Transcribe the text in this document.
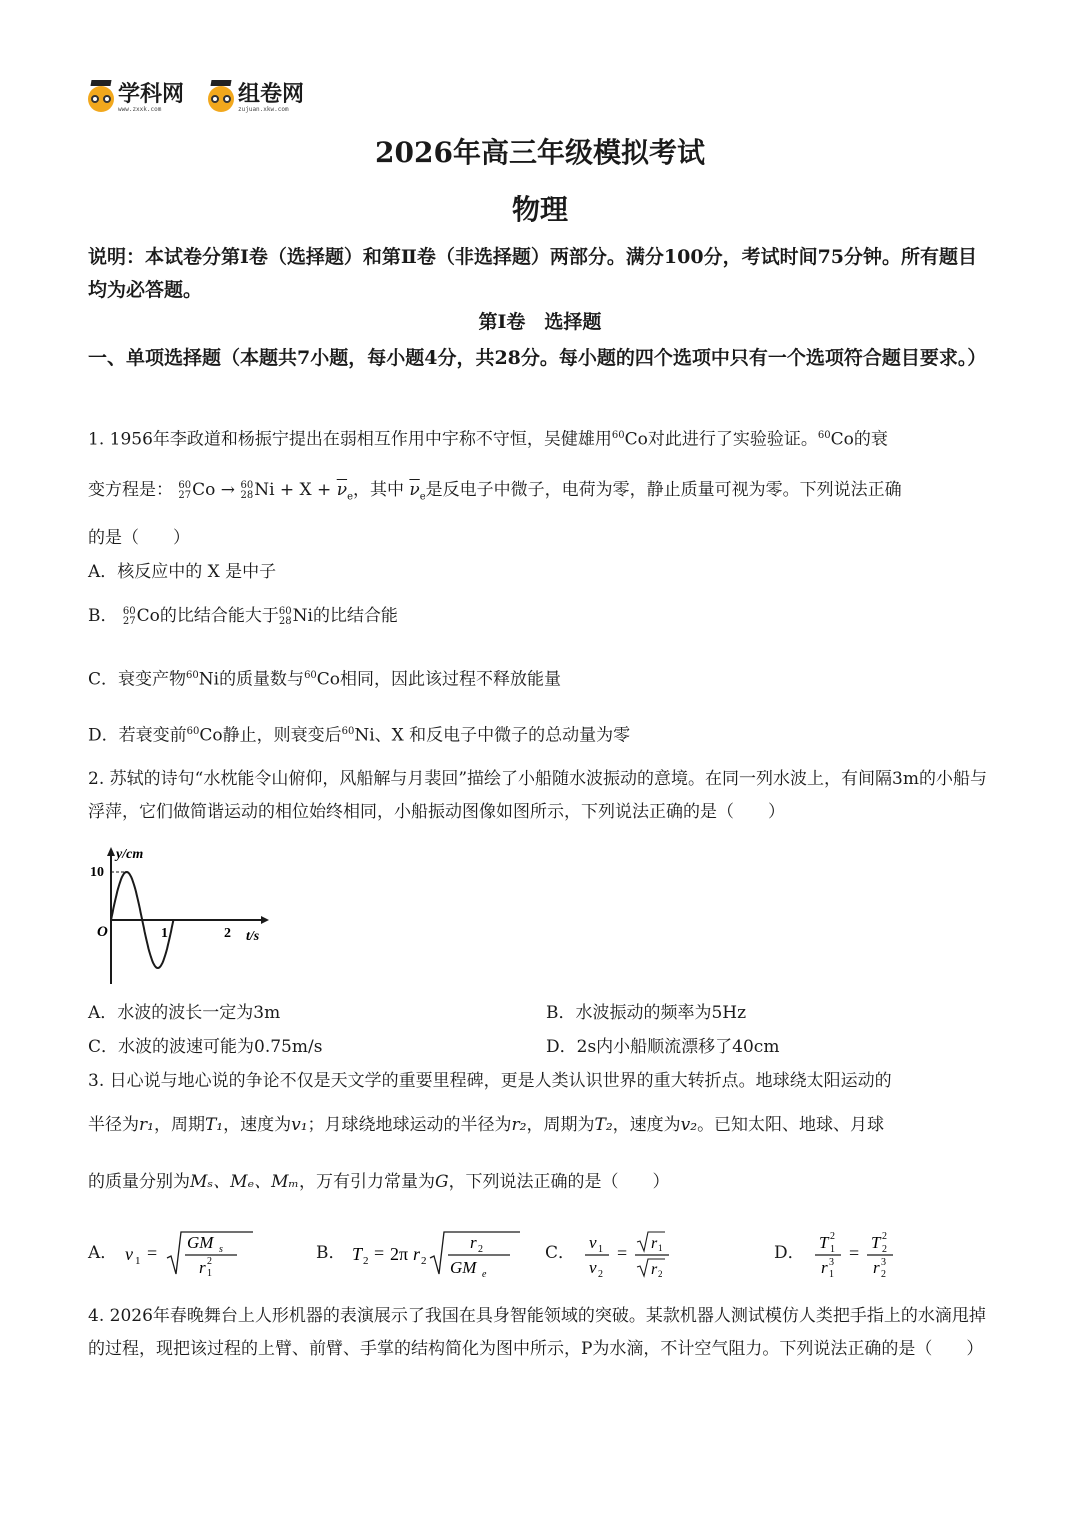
学科网
www.zxxk.com
组卷网
zujuan.xkw.com
2026年高三年级模拟考试
物理
说明：本试卷分第Ⅰ卷（选择题）和第Ⅱ卷（非选择题）两部分。满分100分，考试时间75分钟。所有题目均为必答题。
第Ⅰ卷　选择题
一、单项选择题（本题共7小题，每小题4分，共28分。每小题的四个选项中只有一个选项符合题目要求。）
1. 1956年李政道和杨振宁提出在弱相互作用中宇称不守恒，吴健雄用$^{60}$Co对此进行了实验验证。$^{60}$Co的衰
变方程是： 60
27 Co → 60
28 $Ni + X + \overline{\nu}_e$，其中 $\overline{\nu}_e$是反电子中微子，电荷为零，静止质量可视为零。下列说法正确
的是（　　）
A．核反应中的 X 是中子
B． 60
27 Co的比结合能大于 60
28 Ni的比结合能
C．衰变产物$^{60}$Ni的质量数与$^{60}$Co相同，因此该过程不释放能量
D．若衰变前$^{60}$Co静止，则衰变后$^{60}$Ni、X 和反电子中微子的总动量为零
2. 苏轼的诗句“水枕能令山俯仰，风船解与月裴回”描绘了小船随水波振动的意境。在同一列水波上，有间隔3m的小船与浮萍，它们做简谐运动的相位始终相同，小船振动图像如图所示，下列说法正确的是（　　）
y/cm
t/s
O
10
1	2
A．水波的波长一定为3m	B．水波振动的频率为5Hz
C．水波的波速可能为0.75m/s	D．2s内小船顺流漂移了40cm
3. 日心说与地心说的争论不仅是天文学的重要里程碑，更是人类认识世界的重大转折点。地球绕太阳运动的
半径为r₁，周期T₁，速度为v₁；月球绕地球运动的半径为r₂，周期为T₂，速度为v₂。已知太阳、地球、月球
的质量分别为Mₛ、Mₑ、Mₘ，万有引力常量为G，下列说法正确的是（　　）
A． v 1 =
GM s
r 1
2	B． T 2 = 2π r 2
r 2
GM e
C．
v 1
v 2
= r 1
r 2
D．
T 1
2
r 1
3 =
T 2
2
r 2
3
4. 2026年春晚舞台上人形机器的表演展示了我国在具身智能领域的突破。某款机器人测试模仿人类把手指上的水滴甩掉的过程，现把该过程的上臂、前臂、手掌的结构简化为图中所示，P为水滴，不计空气阻力。下列说法正确的是（　　）
